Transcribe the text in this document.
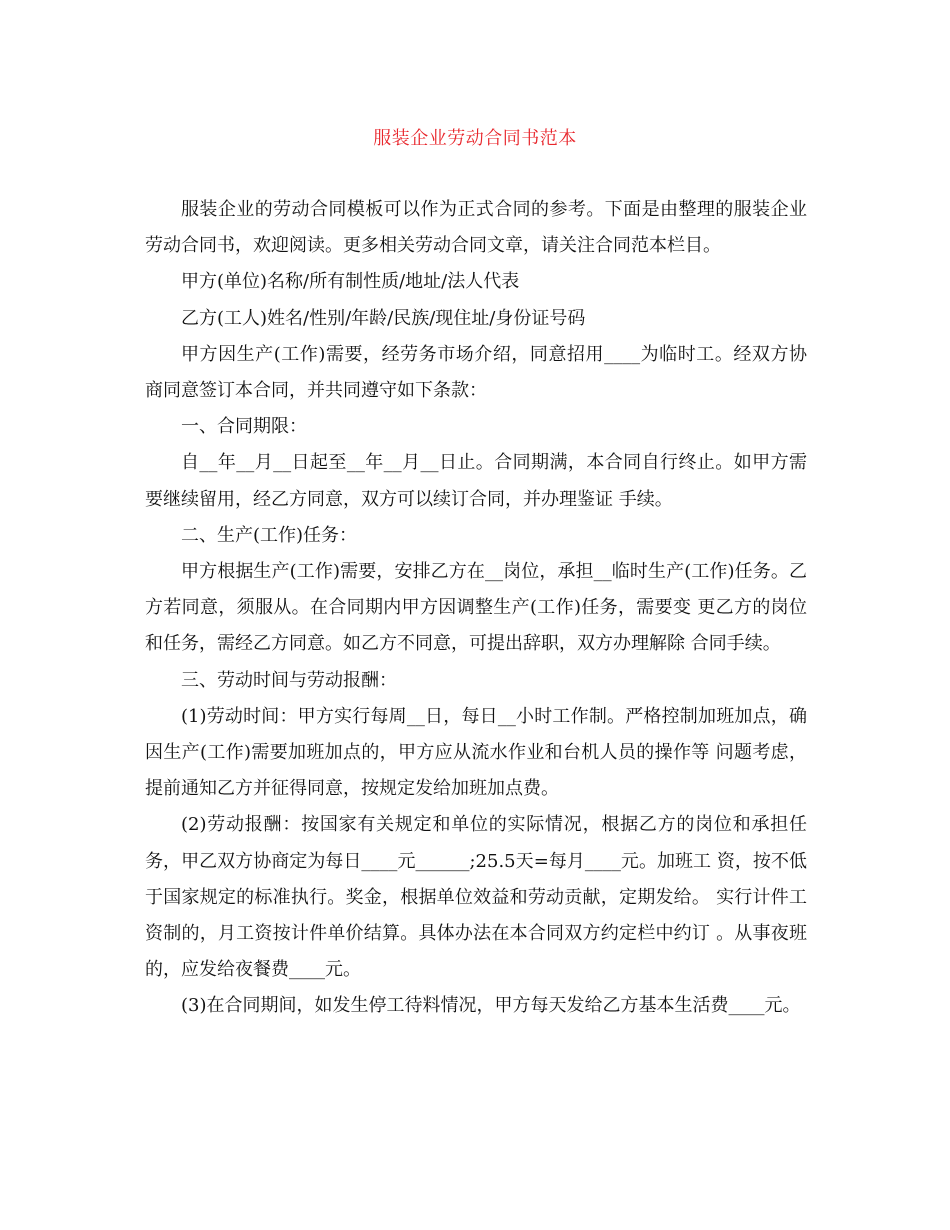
服装企业劳动合同书范本

服装企业的劳动合同模板可以作为正式合同的参考。下面是由整理的服装企业劳动合同书，欢迎阅读。更多相关劳动合同文章，请关注合同范本栏目。

甲方(单位)名称/所有制性质/地址/法人代表

乙方(工人)姓名/性别/年龄/民族/现住址/身份证号码

甲方因生产(工作)需要，经劳务市场介绍，同意招用____为临时工。经双方协商同意签订本合同，并共同遵守如下条款：

一、合同期限：

自__年__月__日起至__年__月__日止。合同期满，本合同自行终止。如甲方需要继续留用，经乙方同意，双方可以续订合同，并办理鉴证 手续。

二、生产(工作)任务：

甲方根据生产(工作)需要，安排乙方在__岗位，承担__临时生产(工作)任务。乙方若同意，须服从。在合同期内甲方因调整生产(工作)任务，需要变 更乙方的岗位和任务，需经乙方同意。如乙方不同意，可提出辞职，双方办理解除 合同手续。

三、劳动时间与劳动报酬：

(1)劳动时间：甲方实行每周__日，每日__小时工作制。严格控制加班加点，确因生产(工作)需要加班加点的，甲方应从流水作业和台机人员的操作等 问题考虑，提前通知乙方并征得同意，按规定发给加班加点费。

(2)劳动报酬：按国家有关规定和单位的实际情况，根据乙方的岗位和承担任务，甲乙双方协商定为每日____元______;25.5天=每月____元。加班工 资，按不低于国家规定的标准执行。奖金，根据单位效益和劳动贡献，定期发给。 实行计件工资制的，月工资按计件单价结算。具体办法在本合同双方约定栏中约订 。从事夜班的，应发给夜餐费____元。

(3)在合同期间，如发生停工待料情况，甲方每天发给乙方基本生活费____元。
